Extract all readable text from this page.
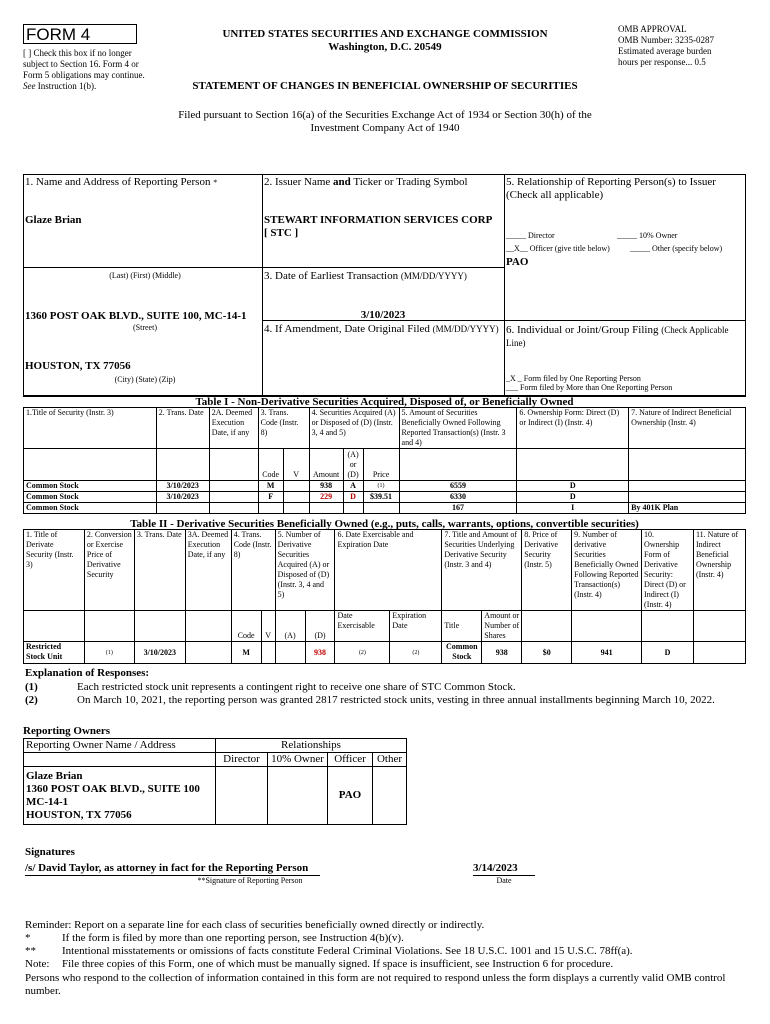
FORM 4
[ ] Check this box if no longer subject to Section 16. Form 4 or Form 5 obligations may continue. See Instruction 1(b).
UNITED STATES SECURITIES AND EXCHANGE COMMISSION
Washington, D.C. 20549
STATEMENT OF CHANGES IN BENEFICIAL OWNERSHIP OF SECURITIES
OMB APPROVAL
OMB Number: 3235-0287
Estimated average burden
hours per response... 0.5
Filed pursuant to Section 16(a) of the Securities Exchange Act of 1934 or Section 30(h) of the
Investment Company Act of 1940
1. Name and Address of Reporting Person *
Glaze Brian
(Last) (First) (Middle)
1360 POST OAK BLVD., SUITE 100, MC-14-1
(Street)
HOUSTON, TX 77056
(City) (State) (Zip)
2. Issuer Name and Ticker or Trading Symbol
STEWART INFORMATION SERVICES CORP
[ STC ]
3. Date of Earliest Transaction (MM/DD/YYYY)
3/10/2023
4. If Amendment, Date Original Filed (MM/DD/YYYY)
5. Relationship of Reporting Person(s) to Issuer
(Check all applicable)
_____ Director	_____ 10% Owner
__X__ Officer (give title below)	_____ Other (specify below)
PAO
6. Individual or Joint/Group Filing (Check Applicable Line)
_X _ Form filed by One Reporting Person
___ Form filed by More than One Reporting Person
Table I - Non-Derivative Securities Acquired, Disposed of, or Beneficially Owned
1.Title of Security (Instr. 3)	2. Trans. Date	2A. Deemed Execution Date, if any	3. Trans. Code (Instr. 8)		4. Securities Acquired (A) or Disposed of (D) (Instr. 3, 4 and 5)			5. Amount of Securities Beneficially Owned Following Reported Transaction(s) (Instr. 3 and 4)	6. Ownership Form: Direct (D) or Indirect (I) (Instr. 4)	7. Nature of Indirect Beneficial Ownership (Instr. 4)
			Code	V	Amount	(A) or (D)	Price			
Common Stock	3/10/2023		M		938	A	(1)	6559	D	
Common Stock	3/10/2023		F		229	D	$39.51	6330	D	
Common Stock								167	I	By 401K Plan
Table II - Derivative Securities Beneficially Owned (e.g., puts, calls, warrants, options, convertible securities)
1. Title of Derivate Security (Instr. 3)	2. Conversion or Exercise Price of Derivative Security	3. Trans. Date	3A. Deemed Execution Date, if any	4. Trans. Code (Instr. 8)		5. Number of Derivative Securities Acquired (A) or Disposed of (D) (Instr. 3, 4 and 5)		6. Date Exercisable and Expiration Date		7. Title and Amount of Securities Underlying Derivative Security (Instr. 3 and 4)		8. Price of Derivative Security (Instr. 5)	9. Number of derivative Securities Beneficially Owned Following Reported Transaction(s) (Instr. 4)	10. Ownership Form of Derivative Security: Direct (D) or Indirect (I) (Instr. 4)	11. Nature of Indirect Beneficial Ownership (Instr. 4)
				Code	V	(A)	(D)	Date Exercisable	Expiration Date	Title	Amount or Number of Shares				
Restricted Stock Unit	(1)	3/10/2023		M			938	(2)	(2)	Common Stock	938	$0	941	D	
Explanation of Responses:
(1)	Each restricted stock unit represents a contingent right to receive one share of STC Common Stock.
(2)	On March 10, 2021, the reporting person was granted 2817 restricted stock units, vesting in three annual installments beginning March 10, 2022.
Reporting Owners
Reporting Owner Name / Address	Relationships			
	Director	10% Owner	Officer	Other

Glaze Brian
1360 POST OAK BLVD., SUITE 100
MC-14-1
HOUSTON, TX 77056			PAO	
Signatures
/s/ David Taylor, as attorney in fact for the Reporting Person	3/14/2023
**Signature of Reporting Person	Date
Reminder: Report on a separate line for each class of securities beneficially owned directly or indirectly.
*	If the form is filed by more than one reporting person, see Instruction 4(b)(v).
** Intentional misstatements or omissions of facts constitute Federal Criminal Violations. See 18 U.S.C. 1001 and 15 U.S.C. 78ff(a).
Note: File three copies of this Form, one of which must be manually signed. If space is insufficient, see Instruction 6 for procedure.
Persons who respond to the collection of information contained in this form are not required to respond unless the form displays a currently valid OMB control number.
